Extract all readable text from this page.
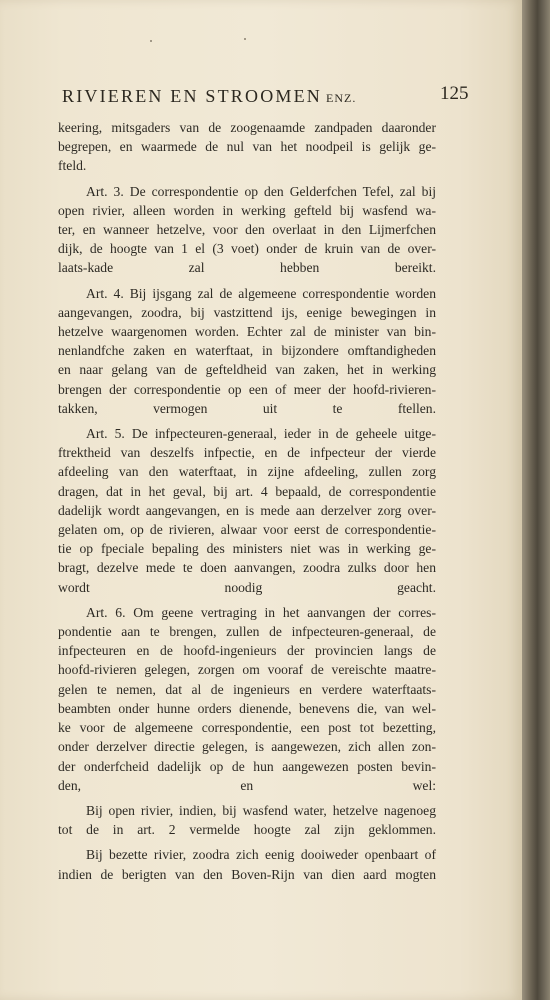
RIVIEREN EN STROOMEN ENZ.	125

keering, mitsgaders van de zoogenaamde zandpaden daaronder
begrepen, en waarmede de nul van het noodpeil is gelijk ge-
fteld.

Art. 3. De correspondentie op den Gelderfchen Tefel, zal bij
open rivier, alleen worden in werking gefteld bij wasfend wa-
ter, en wanneer hetzelve, voor den overlaat in den Lijmerfchen
dijk, de hoogte van 1 el (3 voet) onder de kruin van de over-
laats-kade zal hebben bereikt.

Art. 4. Bij ijsgang zal de algemeene correspondentie worden
aangevangen, zoodra, bij vastzittend ijs, eenige bewegingen in
hetzelve waargenomen worden. Echter zal de minister van bin-
nenlandfche zaken en waterftaat, in bijzondere omftandigheden
en naar gelang van de gefteldheid van zaken, het in werking
brengen der correspondentie op een of meer der hoofd-rivieren-
takken, vermogen uit te ftellen.

Art. 5. De infpecteuren-generaal, ieder in de geheele uitge-
ftrektheid van deszelfs infpectie, en de infpecteur der vierde
afdeeling van den waterftaat, in zijne afdeeling, zullen zorg
dragen, dat in het geval, bij art. 4 bepaald, de correspondentie
dadelijk wordt aangevangen, en is mede aan derzelver zorg over-
gelaten om, op de rivieren, alwaar voor eerst de correspondentie-
tie op fpeciale bepaling des ministers niet was in werking ge-
bragt, dezelve mede te doen aanvangen, zoodra zulks door hen
wordt noodig geacht.

Art. 6. Om geene vertraging in het aanvangen der corres-
pondentie aan te brengen, zullen de infpecteuren-generaal, de
infpecteuren en de hoofd-ingenieurs der provincien langs de
hoofd-rivieren gelegen, zorgen om vooraf de vereischte maatre-
gelen te nemen, dat al de ingenieurs en verdere waterftaats-
beambten onder hunne orders dienende, benevens die, van wel-
ke voor de algemeene correspondentie, een post tot bezetting,
onder derzelver directie gelegen, is aangewezen, zich allen zon-
der onderfcheid dadelijk op de hun aangewezen posten bevin-
den, en wel:

Bij open rivier, indien, bij wasfend water, hetzelve nagenoeg
tot de in art. 2 vermelde hoogte zal zijn geklommen.

Bij bezette rivier, zoodra zich eenig dooiweder openbaart of
indien de berigten van den Boven-Rijn van dien aard mogten
